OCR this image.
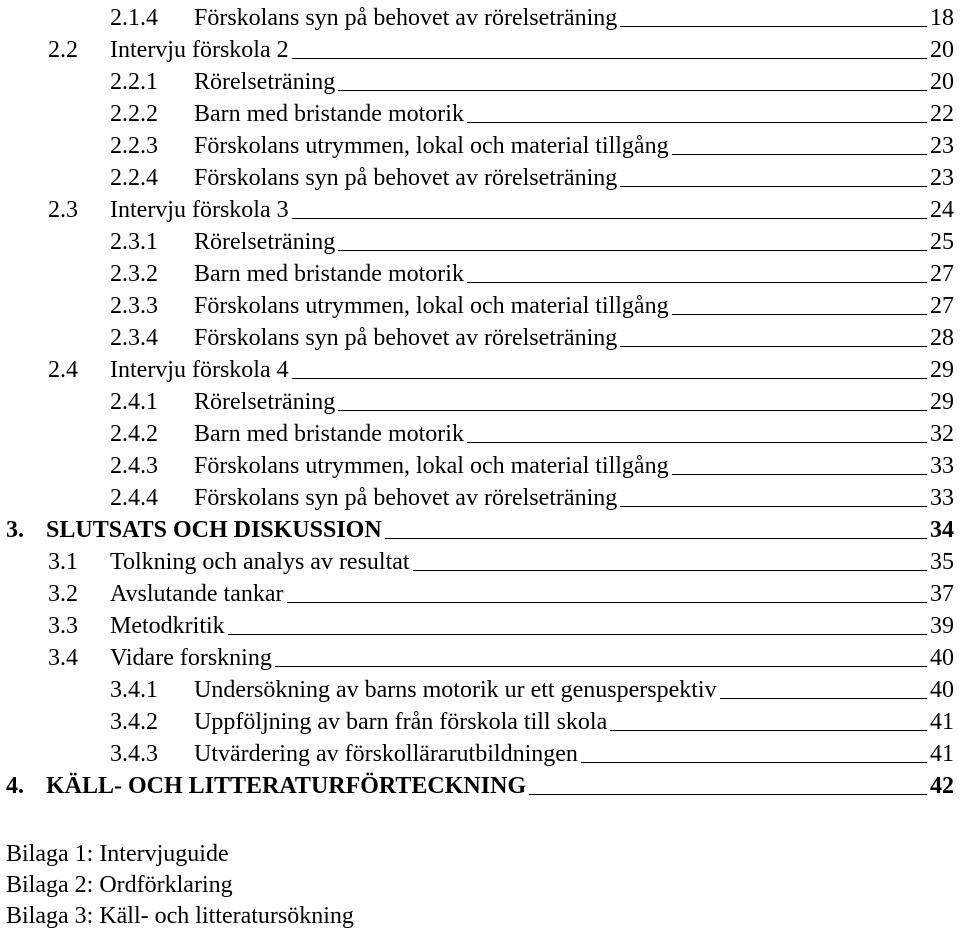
2.1.4	Förskolans syn på behovet av rörelseträning	18
2.2	Intervju förskola 2	20
2.2.1	Rörelseträning	20
2.2.2	Barn med bristande motorik	22
2.2.3	Förskolans utrymmen, lokal och material tillgång	23
2.2.4	Förskolans syn på behovet av rörelseträning	23
2.3	Intervju förskola 3	24
2.3.1	Rörelseträning	25
2.3.2	Barn med bristande motorik	27
2.3.3	Förskolans utrymmen, lokal och material tillgång	27
2.3.4	Förskolans syn på behovet av rörelseträning	28
2.4	Intervju förskola 4	29
2.4.1	Rörelseträning	29
2.4.2	Barn med bristande motorik	32
2.4.3	Förskolans utrymmen, lokal och material tillgång	33
2.4.4	Förskolans syn på behovet av rörelseträning	33
3. SLUTSATS OCH DISKUSSION	34
3.1	Tolkning och analys av resultat	35
3.2	Avslutande tankar	37
3.3	Metodkritik	39
3.4	Vidare forskning	40
3.4.1	Undersökning av barns motorik ur ett genusperspektiv	40
3.4.2	Uppföljning av barn från förskola till skola	41
3.4.3	Utvärdering av förskollärarutbildningen	41
4. KÄLL- OCH LITTERATURFÖRTECKNING	42
Bilaga 1: Intervjuguide
Bilaga 2: Ordförklaring
Bilaga 3: Käll- och litteratursökning
